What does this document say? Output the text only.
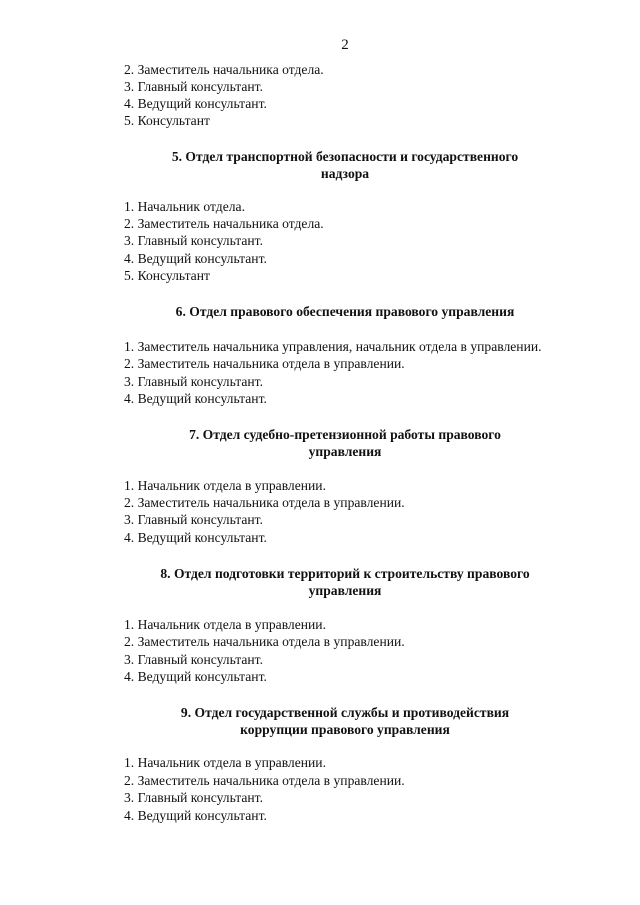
2
2. Заместитель начальника отдела.
3. Главный консультант.
4. Ведущий консультант.
5. Консультант
5. Отдел транспортной безопасности и государственного
надзора
1. Начальник отдела.
2. Заместитель начальника отдела.
3. Главный консультант.
4. Ведущий консультант.
5. Консультант
6. Отдел правового обеспечения правового управления
1. Заместитель начальника управления, начальник отдела в управлении.
2. Заместитель начальника отдела в управлении.
3. Главный консультант.
4. Ведущий консультант.
7. Отдел судебно-претензионной работы правового
управления
1. Начальник отдела в управлении.
2. Заместитель начальника отдела в управлении.
3. Главный консультант.
4. Ведущий консультант.
8. Отдел подготовки территорий к строительству правового
управления
1. Начальник отдела в управлении.
2. Заместитель начальника отдела в управлении.
3. Главный консультант.
4. Ведущий консультант.
9. Отдел государственной службы и противодействия
коррупции правового управления
1. Начальник отдела в управлении.
2. Заместитель начальника отдела в управлении.
3. Главный консультант.
4. Ведущий консультант.
